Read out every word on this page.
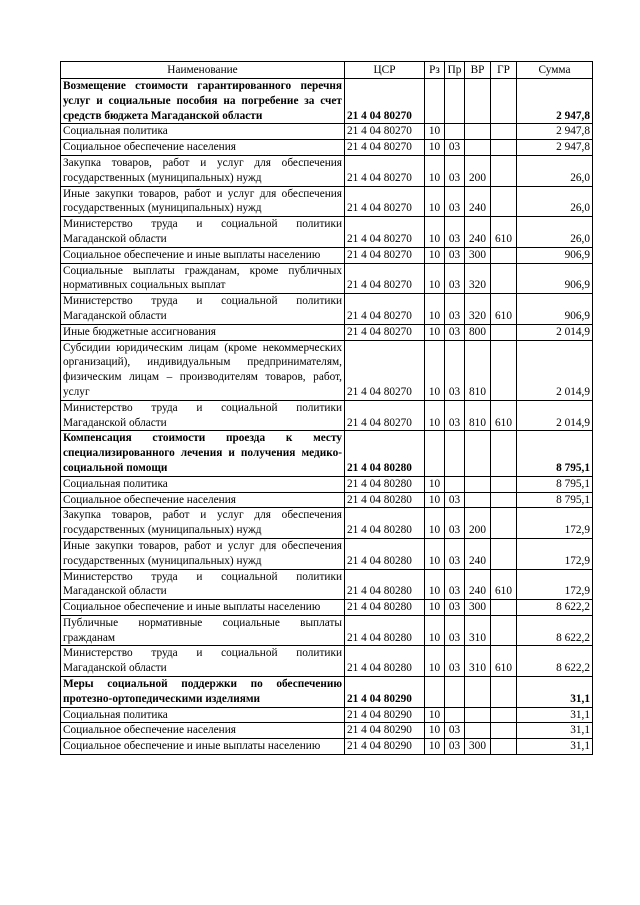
Наименование	ЦСР	Рз	Пр	ВР	ГР	Сумма
Возмещение стоимости гарантированного перечня услуг и социальные пособия на погребение за счет средств бюджета Магаданской области	21 4 04 80270					2 947,8
Социальная политика	21 4 04 80270	10				2 947,8
Социальное обеспечение населения	21 4 04 80270	10	03			2 947,8
Закупка товаров, работ и услуг для обеспечения государственных (муниципальных) нужд	21 4 04 80270	10	03	200		26,0
Иные закупки товаров, работ и услуг для обеспечения государственных (муниципальных) нужд	21 4 04 80270	10	03	240		26,0
Министерство труда и социальной политики Магаданской области	21 4 04 80270	10	03	240	610	26,0
Социальное обеспечение и иные выплаты населению	21 4 04 80270	10	03	300		906,9
Социальные выплаты гражданам, кроме публичных нормативных социальных выплат	21 4 04 80270	10	03	320		906,9
Министерство труда и социальной политики Магаданской области	21 4 04 80270	10	03	320	610	906,9
Иные бюджетные ассигнования	21 4 04 80270	10	03	800		2 014,9
Субсидии юридическим лицам (кроме некоммерческих организаций), индивидуальным предпринимателям, физическим лицам – производителям товаров, работ, услуг	21 4 04 80270	10	03	810		2 014,9
Министерство труда и социальной политики Магаданской области	21 4 04 80270	10	03	810	610	2 014,9
Компенсация стоимости проезда к месту специализированного лечения и получения медико-социальной помощи	21 4 04 80280					8 795,1
Социальная политика	21 4 04 80280	10				8 795,1
Социальное обеспечение населения	21 4 04 80280	10	03			8 795,1
Закупка товаров, работ и услуг для обеспечения государственных (муниципальных) нужд	21 4 04 80280	10	03	200		172,9
Иные закупки товаров, работ и услуг для обеспечения государственных (муниципальных) нужд	21 4 04 80280	10	03	240		172,9
Министерство труда и социальной политики Магаданской области	21 4 04 80280	10	03	240	610	172,9
Социальное обеспечение и иные выплаты населению	21 4 04 80280	10	03	300		8 622,2
Публичные нормативные социальные выплаты гражданам	21 4 04 80280	10	03	310		8 622,2
Министерство труда и социальной политики Магаданской области	21 4 04 80280	10	03	310	610	8 622,2
Меры социальной поддержки по обеспечению протезно-ортопедическими изделиями	21 4 04 80290					31,1
Социальная политика	21 4 04 80290	10				31,1
Социальное обеспечение населения	21 4 04 80290	10	03			31,1
Социальное обеспечение и иные выплаты населению	21 4 04 80290	10	03	300		31,1
